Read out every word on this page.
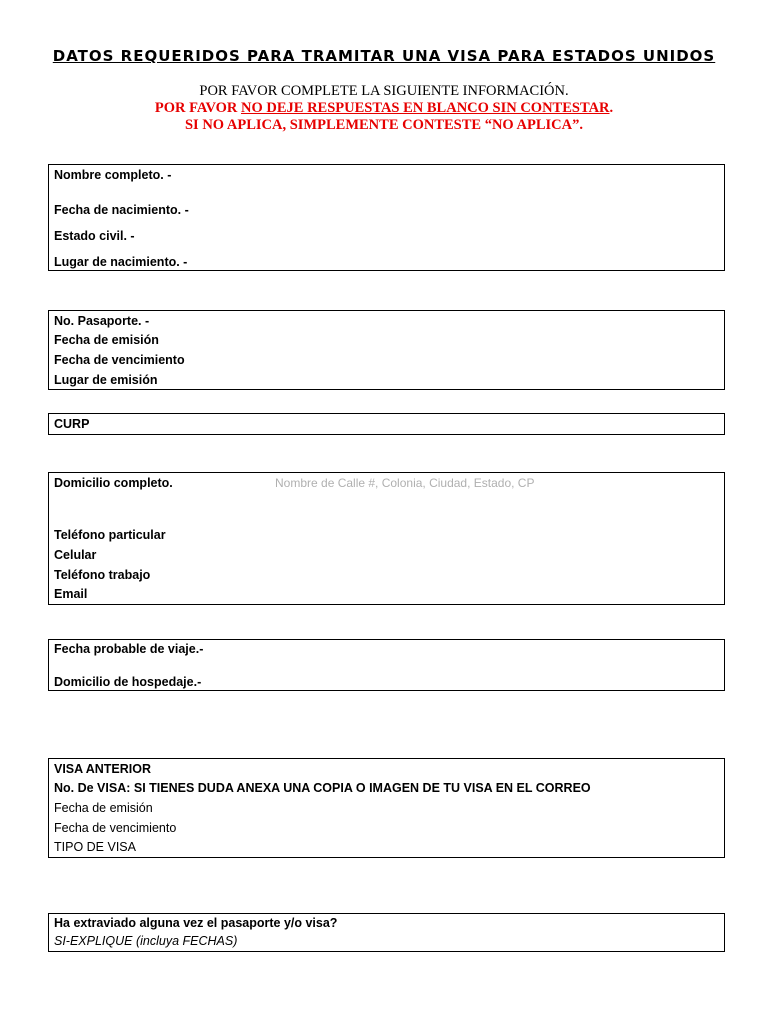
DATOS REQUERIDOS PARA TRAMITAR UNA VISA PARA ESTADOS UNIDOS
POR FAVOR COMPLETE LA SIGUIENTE INFORMACIÓN.
POR FAVOR NO DEJE RESPUESTAS EN BLANCO SIN CONTESTAR.
SI NO APLICA, SIMPLEMENTE CONTESTE “NO APLICA”.
Nombre completo. -
Fecha de nacimiento. -
Estado civil. -
Lugar de nacimiento. -
No. Pasaporte. -
Fecha de emisión
Fecha de vencimiento
Lugar de emisión
CURP
Domicilio completo.	Nombre de Calle #, Colonia, Ciudad, Estado, CP
Teléfono particular
Celular
Teléfono trabajo
Email
Fecha probable de viaje.-
Domicilio de hospedaje.-
VISA ANTERIOR
No. De VISA: SI TIENES DUDA ANEXA UNA COPIA O IMAGEN DE TU VISA EN EL CORREO
Fecha de emisión
Fecha de vencimiento
TIPO DE VISA
Ha extraviado alguna vez el pasaporte y/o visa?
SI-EXPLIQUE (incluya FECHAS)
